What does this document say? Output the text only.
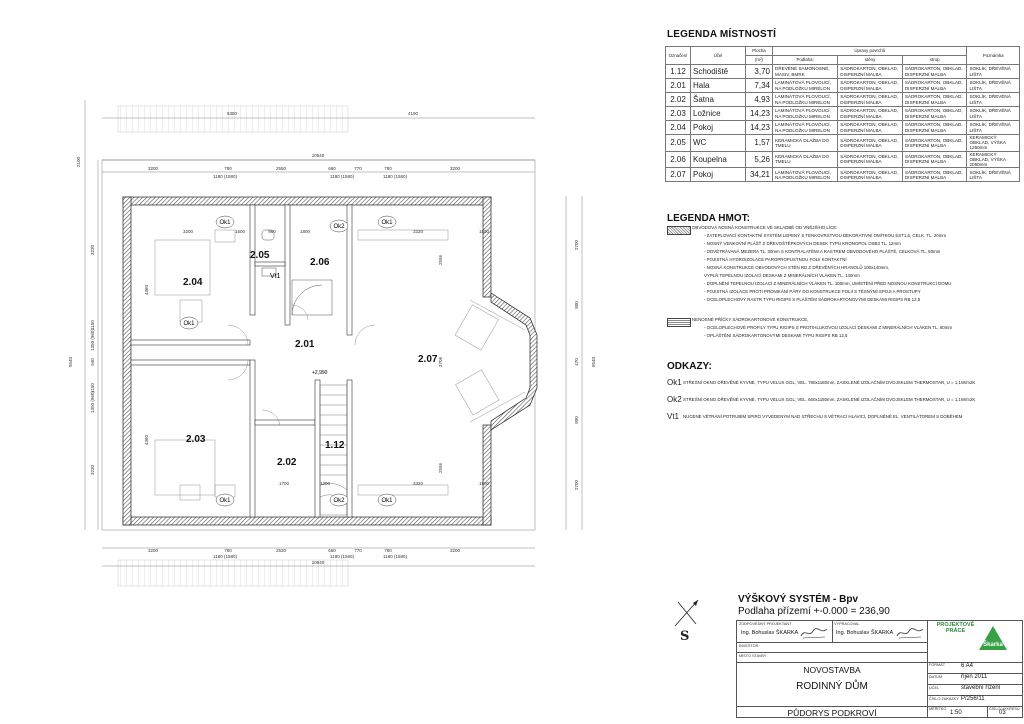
LEGENDA MÍSTNOSTÍ
Označení	Účel	Plocha	Úpravy povrchů			Poznámka
		(m²)	Podlaha:	stěny	strop	
1.12	Schodiště	3,70	DŘEVĚNÉ SAMONOSNÉ, MASIV, BMRK	SÁDROKARTON, OBKLAD, DISPERZNÍ MALBA	SÁDROKARTON, OBKLAD, DISPERZNÍ MALBA	SOKLÍK, DŘEVĚNÁ LIŠTA
2.01	Hala	7,34	LAMINÁTOVÁ PLOVOUCÍ, NA PODLOŽKU MIRELON	SÁDROKARTON, OBKLAD, DISPERZNÍ MALBA	SÁDROKARTON, OBKLAD, DISPERZNÍ MALBA	SOKLÍK, DŘEVĚNÁ LIŠTA
2.02	Šatna	4,93	LAMINÁTOVÁ PLOVOUCÍ, NA PODLOŽKU MIRELON	SÁDROKARTON, OBKLAD, DISPERZNÍ MALBA	SÁDROKARTON, OBKLAD, DISPERZNÍ MALBA	SOKLÍK, DŘEVĚNÁ LIŠTA
2.03	Ložnice	14,23	LAMINÁTOVÁ PLOVOUCÍ, NA PODLOŽKU MIRELON	SÁDROKARTON, OBKLAD, DISPERZNÍ MALBA	SÁDROKARTON, OBKLAD, DISPERZNÍ MALBA	SOKLÍK, DŘEVĚNÁ LIŠTA
2.04	Pokoj	14,23	LAMINÁTOVÁ PLOVOUCÍ, NA PODLOŽKU MIRELON	SÁDROKARTON, OBKLAD, DISPERZNÍ MALBA	SÁDROKARTON, OBKLAD, DISPERZNÍ MALBA	SOKLÍK, DŘEVĚNÁ LIŠTA
2.05	WC	1,57	KERAMICKÁ DLAŽBA DO TMELU	SÁDROKARTON, OBKLAD, DISPERZNÍ MALBA	SÁDROKARTON, OBKLAD, DISPERZNÍ MALBA	KERAMICKÝ OBKLAD, VÝŠKA 1250mm
2.06	Koupelna	5,26	KERAMICKÁ DLAŽBA DO TMELU	SÁDROKARTON, OBKLAD, DISPERZNÍ MALBA	SÁDROKARTON, OBKLAD, DISPERZNÍ MALBA	KERAMICKÝ OBKLAD, VÝŠKA 2050mm
2.07	Pokoj	34,21	LAMINÁTOVÁ PLOVOUCÍ, NA PODLOŽKU MIRELON	SÁDROKARTON, OBKLAD, DISPERZNÍ MALBA	SÁDROKARTON, OBKLAD, DISPERZNÍ MALBA	SOKLÍK, DŘEVĚNÁ LIŠTA
LEGENDA HMOT:
OBVODOVÁ NOSNÁ KONSTRUKCE VE SKLADBĚ OD VNĚJŠÍHO LÍCE:
- ZATEPLOVACÍ KONTAKTNÍ SYSTÉM LEPENÝ S TENKOVRSTVOU DEKORATIVNÍ OMÍTKOU EST1,5, CELK. TL. 20mm
- NOSNÝ VENKOVNÍ PLÁŠŤ Z DŘEVOŠTĚPKOVÝCH DESEK TYPU KRONOPOL OSB3 TL. 12mm
- ODVĚTRÁVANÁ MEZERA TL. 30mm S KONTRALATĚMI A RASTREM OBVODOVÉHO PLÁŠTĚ, CELKOVÁ TL. 60mm
- POJISTNÁ HYDROIZOLACE PAROPROPUSTNOU FOLIÍ KONTAKTNÍ
- NOSNÁ KONSTRUKCE OBVODOVÝCH STĚN RD Z DŘEVĚNÝCH HRANOLŮ 100x140mm,
VYPLŇ TEPELNOU IZOLACÍ DESKAMI Z MINERÁLNÍCH VLÁKEN TL. 140mm
- DOPLNĚNÍ TEPELNOU IZOLACÍ Z MINERÁLNÍCH VLÁKEN TL. 100mm, UMÍSTĚNÍ PŘED NOSNOU KONSTRUKCÍ DOMU
- POJISTNÁ IZOLACE PROTI PRONIKÁNÍ PÁRY DO KONSTRUKCE FOLIÍ S TĚSNÝMI SPOJI A PROSTUPY
- OCELOPLECHOVÝ RASTR TYPU RIGIPS S PLÁŠTĚM SÁDROKARTONOVÝMI DESKAMI RIGIPS RB 12,5
NENOSNÉ PŘÍČKY SÁDROKARTONOVÉ KONSTRUKCE,
- OCELOPLECHOVÉ PROFILY TYPU RIGIPS S PROTIHLUKOVOU IZOLACÍ DESKAMI Z MINERÁLNÍCH VLÁKEN TL. 60mm
- OPLÁŠTĚNÍ SÁDROKARTONOVÝMI DESKAMI TYPU RIGIPS RB 12,5
ODKAZY:
Ok1 STŘEŠNÍ OKNO DŘEVĚNÉ KYVNÉ, TYPU VELUX GGL, VEL. 780x1180mm, ZASKLENÉ IZOLAČNÍM DVOJSKLEM THERMOSTAR, U = 1,1W/m2K
Ok2 STŘEŠNÍ OKNO DŘEVĚNÉ KYVNÉ, TYPU VELUX GGL, VEL. 660x1180mm, ZASKLENÉ IZOLAČNÍM DVOJSKLEM THERMOSTAR, U = 1,1W/m2K
Vt1 NUCENÉ VĚTRÁNÍ POTRUBÍM SPIRO VYVEDENÝM NAD STŘECHU S VĚTRACÍ HLAVICÍ, DOPLNĚNÉ EL. VENTILÁTOREM S DOBĚHEM
S
VÝŠKOVÝ SYSTÉM - Bpv
Podlaha přízemí +-0.000 = 236,90
ZODPOVĚDNÝ PROJEKTANT
Ing. Bohuslav ŠKARKA
VYPRACOVAL
Ing. Bohuslav ŠKARKA
PROJEKTOVÉ
PRÁCE
Škarka
INVESTOR
MÍSTO STAVBY
NOVOSTAVBA
RODINNÝ DŮM
PŮDORYS PODKROVÍ
FORMÁT	6 A4
DATUM	říjen 2011
ÚČEL	stavební řízení
ČÍSLO ZAKÁZKY P/256/11
MĚŘÍTKO
1:50
ČÍSLO VÝKRESU
03
2.04
2.05
2.06
2.01
2.07
2.03
2.02
1.12
Ok1
Ok2
Ok1
Ok1
Ok1	Ok2	Ok1
Vt1
+2,990
6350	4190
10540
3200	780	2550	660	770	780	3200
1180 (1580)	1180 (1580)	1180 (1580)
3200	780	2530	660	770	780	3200
1180 (1580)	1180 (1580)	1180 (1580)
10540
3230
1150
1350 (960)
940
1150
1350 (960)
3230
9540
2100
2700
800
470
800
2700
9540
3200	1500	960	1800	3320	1500
2556
3706
2556
4360
4360
1700	1200	3320	1500
